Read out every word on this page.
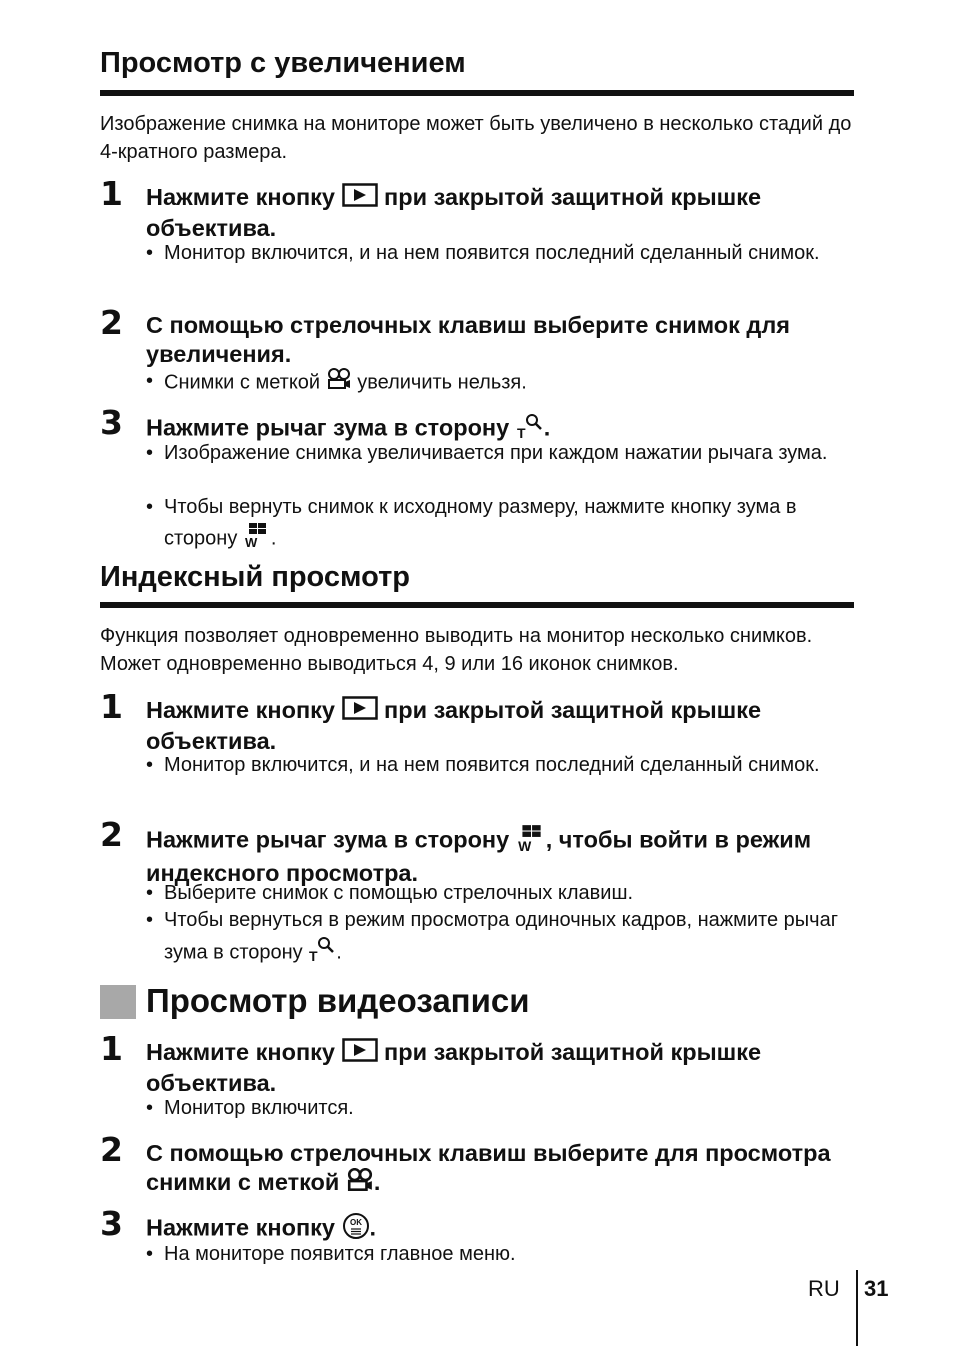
Просмотр с увеличением
Изображение снимка на мониторе может быть увеличено в несколько стадий до 4-кратного размера.
1 Нажмите кнопку при закрытой защитной крышке объектива.
• Монитор включится, и на нем появится последний сделанный снимок.
2 С помощью стрелочных клавиш выберите снимок для увеличения.
• Снимки с меткой увеличить нельзя.
3 Нажмите рычаг зума в сторону T .
• Изображение снимка увеличивается при каждом нажатии рычага зума.
• Чтобы вернуть снимок к исходному размеру, нажмите кнопку зума в сторону W .
Индексный просмотр
Функция позволяет одновременно выводить на монитор несколько снимков. Может одновременно выводиться 4, 9 или 16 иконок снимков.
1 Нажмите кнопку при закрытой защитной крышке объектива.
• Монитор включится, и на нем появится последний сделанный снимок.
2 Нажмите рычаг зума в сторону W , чтобы войти в режим индексного просмотра.
• Выберите снимок с помощью стрелочных клавиш.
• Чтобы вернуться в режим просмотра одиночных кадров, нажмите рычаг зума в сторону T .
Просмотр видеозаписи
1 Нажмите кнопку при закрытой защитной крышке объектива.
• Монитор включится.
2 С помощью стрелочных клавиш выберите для просмотра снимки с меткой .
3 Нажмите кнопку OK .
• На мониторе появится главное меню.
RU 31
